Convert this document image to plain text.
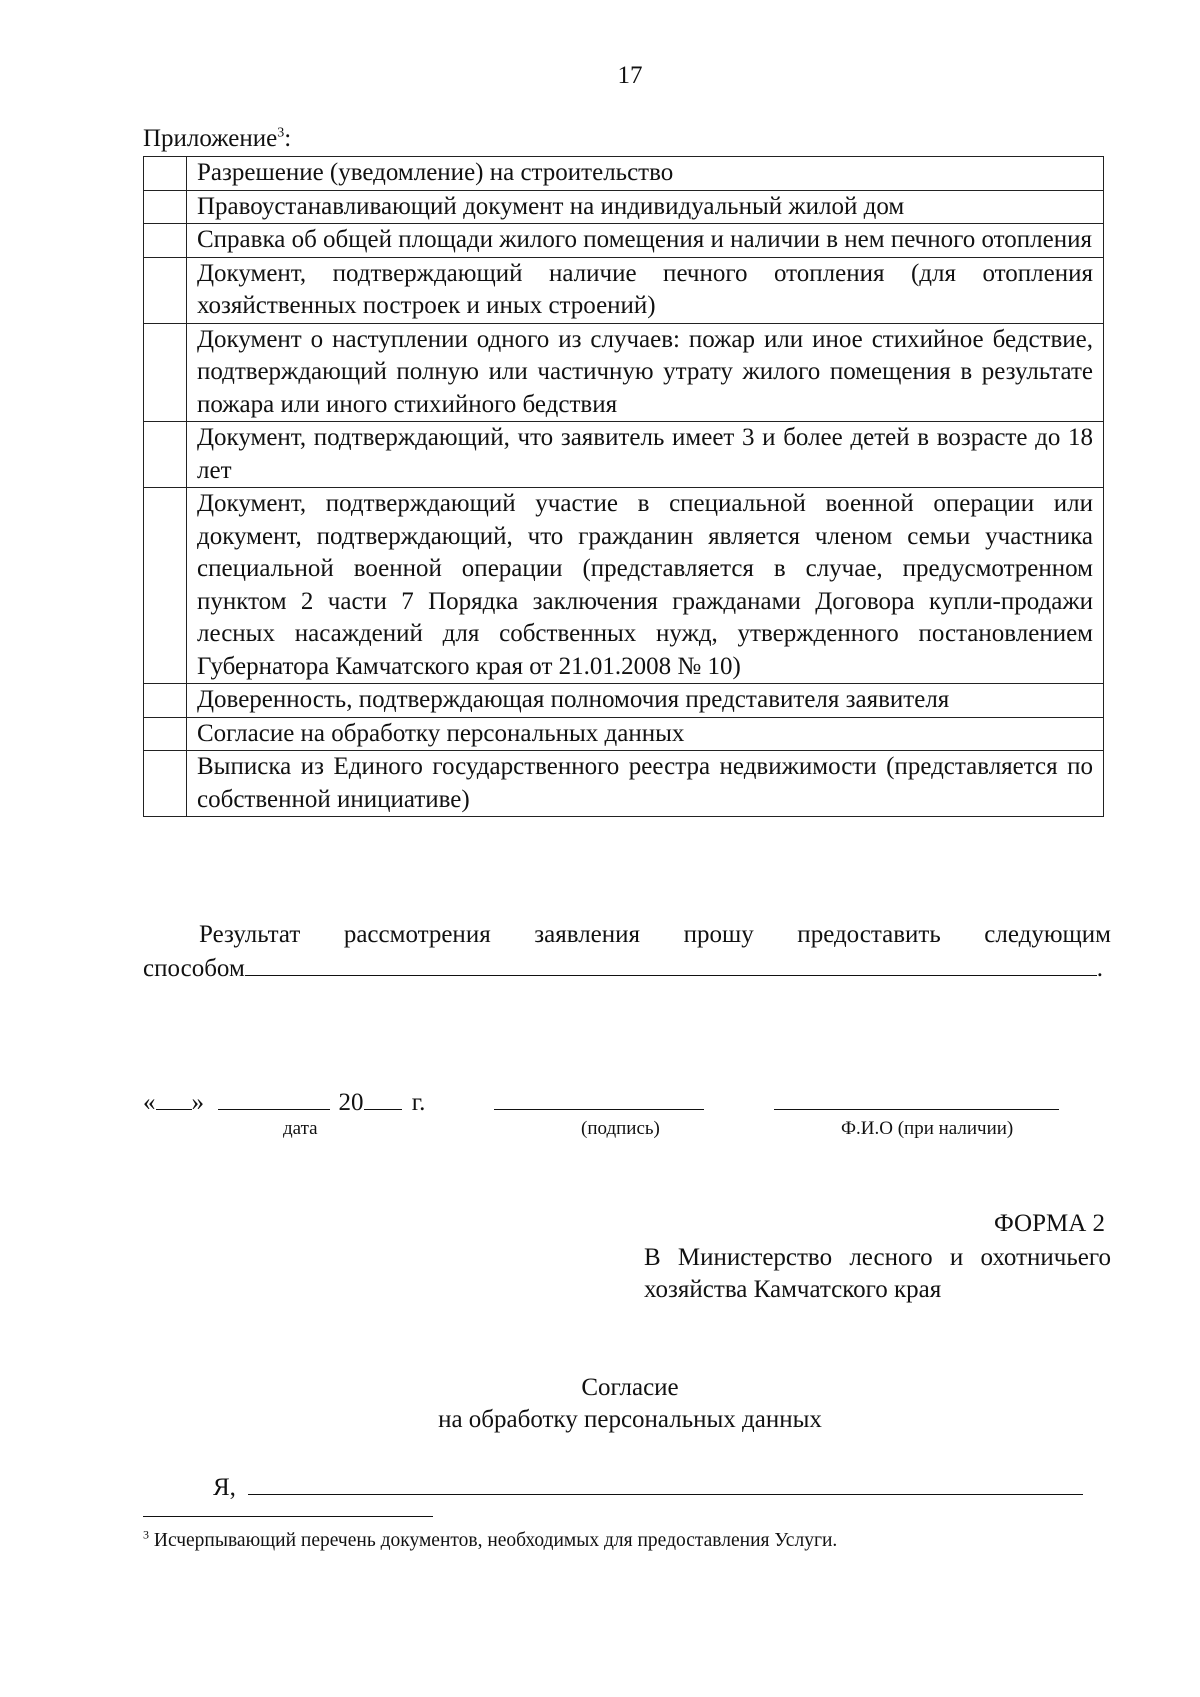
17
Приложение$^3$:
	Разрешение (уведомление) на строительство
	Правоустанавливающий документ на индивидуальный жилой дом
	Справка об общей площади жилого помещения и наличии в нем печного отопления
	Документ, подтверждающий наличие печного отопления (для отопления хозяйственных построек и иных строений)
	Документ о наступлении одного из случаев: пожар или иное стихийное бедствие, подтверждающий полную или частичную утрату жилого помещения в результате пожара или иного стихийного бедствия
	Документ, подтверждающий, что заявитель имеет 3 и более детей в возрасте до 18 лет
	Документ, подтверждающий участие в специальной военной операции или документ, подтверждающий, что гражданин является членом семьи участника специальной военной операции (представляется в случае, предусмотренном пунктом 2 части 7 Порядка заключения гражданами Договора купли-продажи лесных насаждений для собственных нужд, утвержденного постановлением Губернатора Камчатского края от 21.01.2008 № 10)
	Доверенность, подтверждающая полномочия представителя заявителя
	Согласие на обработку персональных данных
	Выписка из Единого государственного реестра недвижимости (представляется по собственной инициативе)
Результат рассмотрения заявления прошу предоставить следующим
способом	.
« »	20 г.
дата	(подпись)	Ф.И.О (при наличии)
ФОРМА 2
В Министерство лесного и охотничьего хозяйства Камчатского края
Согласие
на обработку персональных данных
Я,
$^3$ Исчерпывающий перечень документов, необходимых для предоставления Услуги.
